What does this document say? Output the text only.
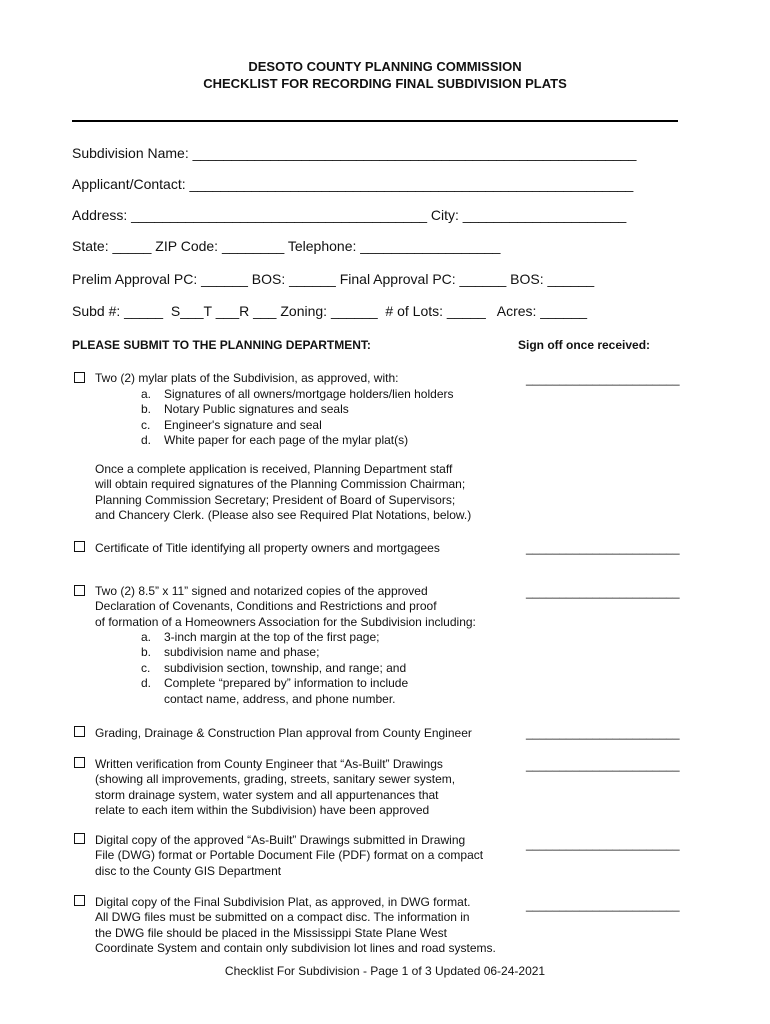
DESOTO COUNTY PLANNING COMMISSION
CHECKLIST FOR RECORDING FINAL SUBDIVISION PLATS
Subdivision Name: _________________________________________________________
Applicant/Contact: _________________________________________________________
Address: ______________________________________ City: _____________________
State: _____ ZIP Code: ________ Telephone: __________________
Prelim Approval PC: ______ BOS: ______ Final Approval PC: ______ BOS: ______
Subd #: _____  S___T ___R ___ Zoning: ______  # of Lots: _____   Acres: ______
PLEASE SUBMIT TO THE PLANNING DEPARTMENT:	Sign off once received:

Two (2) mylar plats of the Subdivision, as approved, with:

a.	Signatures of all owners/mortgage holders/lien holders
b.	Notary Public signatures and seals
c.	Engineer's signature and seal
d.	White paper for each page of the mylar plat(s)
_______________________

Once a complete application is received, Planning Department staff

will obtain required signatures of the Planning Commission Chairman;

Planning Commission Secretary; President of Board of Supervisors;

and Chancery Clerk. (Please also see Required Plat Notations, below.)

Certificate of Title identifying all property owners and mortgagees	_______________________

Two (2) 8.5” x 11” signed and notarized copies of the approved

Declaration of Covenants, Conditions and Restrictions and proof

of formation of a Homeowners Association for the Subdivision including:

a.	3-inch margin at the top of the first page;
b.	subdivision name and phase;
c.	subdivision section, township, and range; and
d.	Complete “prepared by” information to include
contact name, address, and phone number.
_______________________

Grading, Drainage & Construction Plan approval from County Engineer	_______________________

Written verification from County Engineer that “As-Built” Drawings

(showing all improvements, grading, streets, sanitary sewer system,

storm drainage system, water system and all appurtenances that

relate to each item within the Subdivision) have been approved

_______________________

Digital copy of the approved “As-Built” Drawings submitted in Drawing

File (DWG) format or Portable Document File (PDF) format on a compact

disc to the County GIS Department

_______________________

Digital copy of the Final Subdivision Plat, as approved, in DWG format.

All DWG files must be submitted on a compact disc. The information in

the DWG file should be placed in the Mississippi State Plane West

Coordinate System and contain only subdivision lot lines and road systems.

_______________________
Checklist For Subdivision - Page 1 of 3 Updated 06-24-2021
